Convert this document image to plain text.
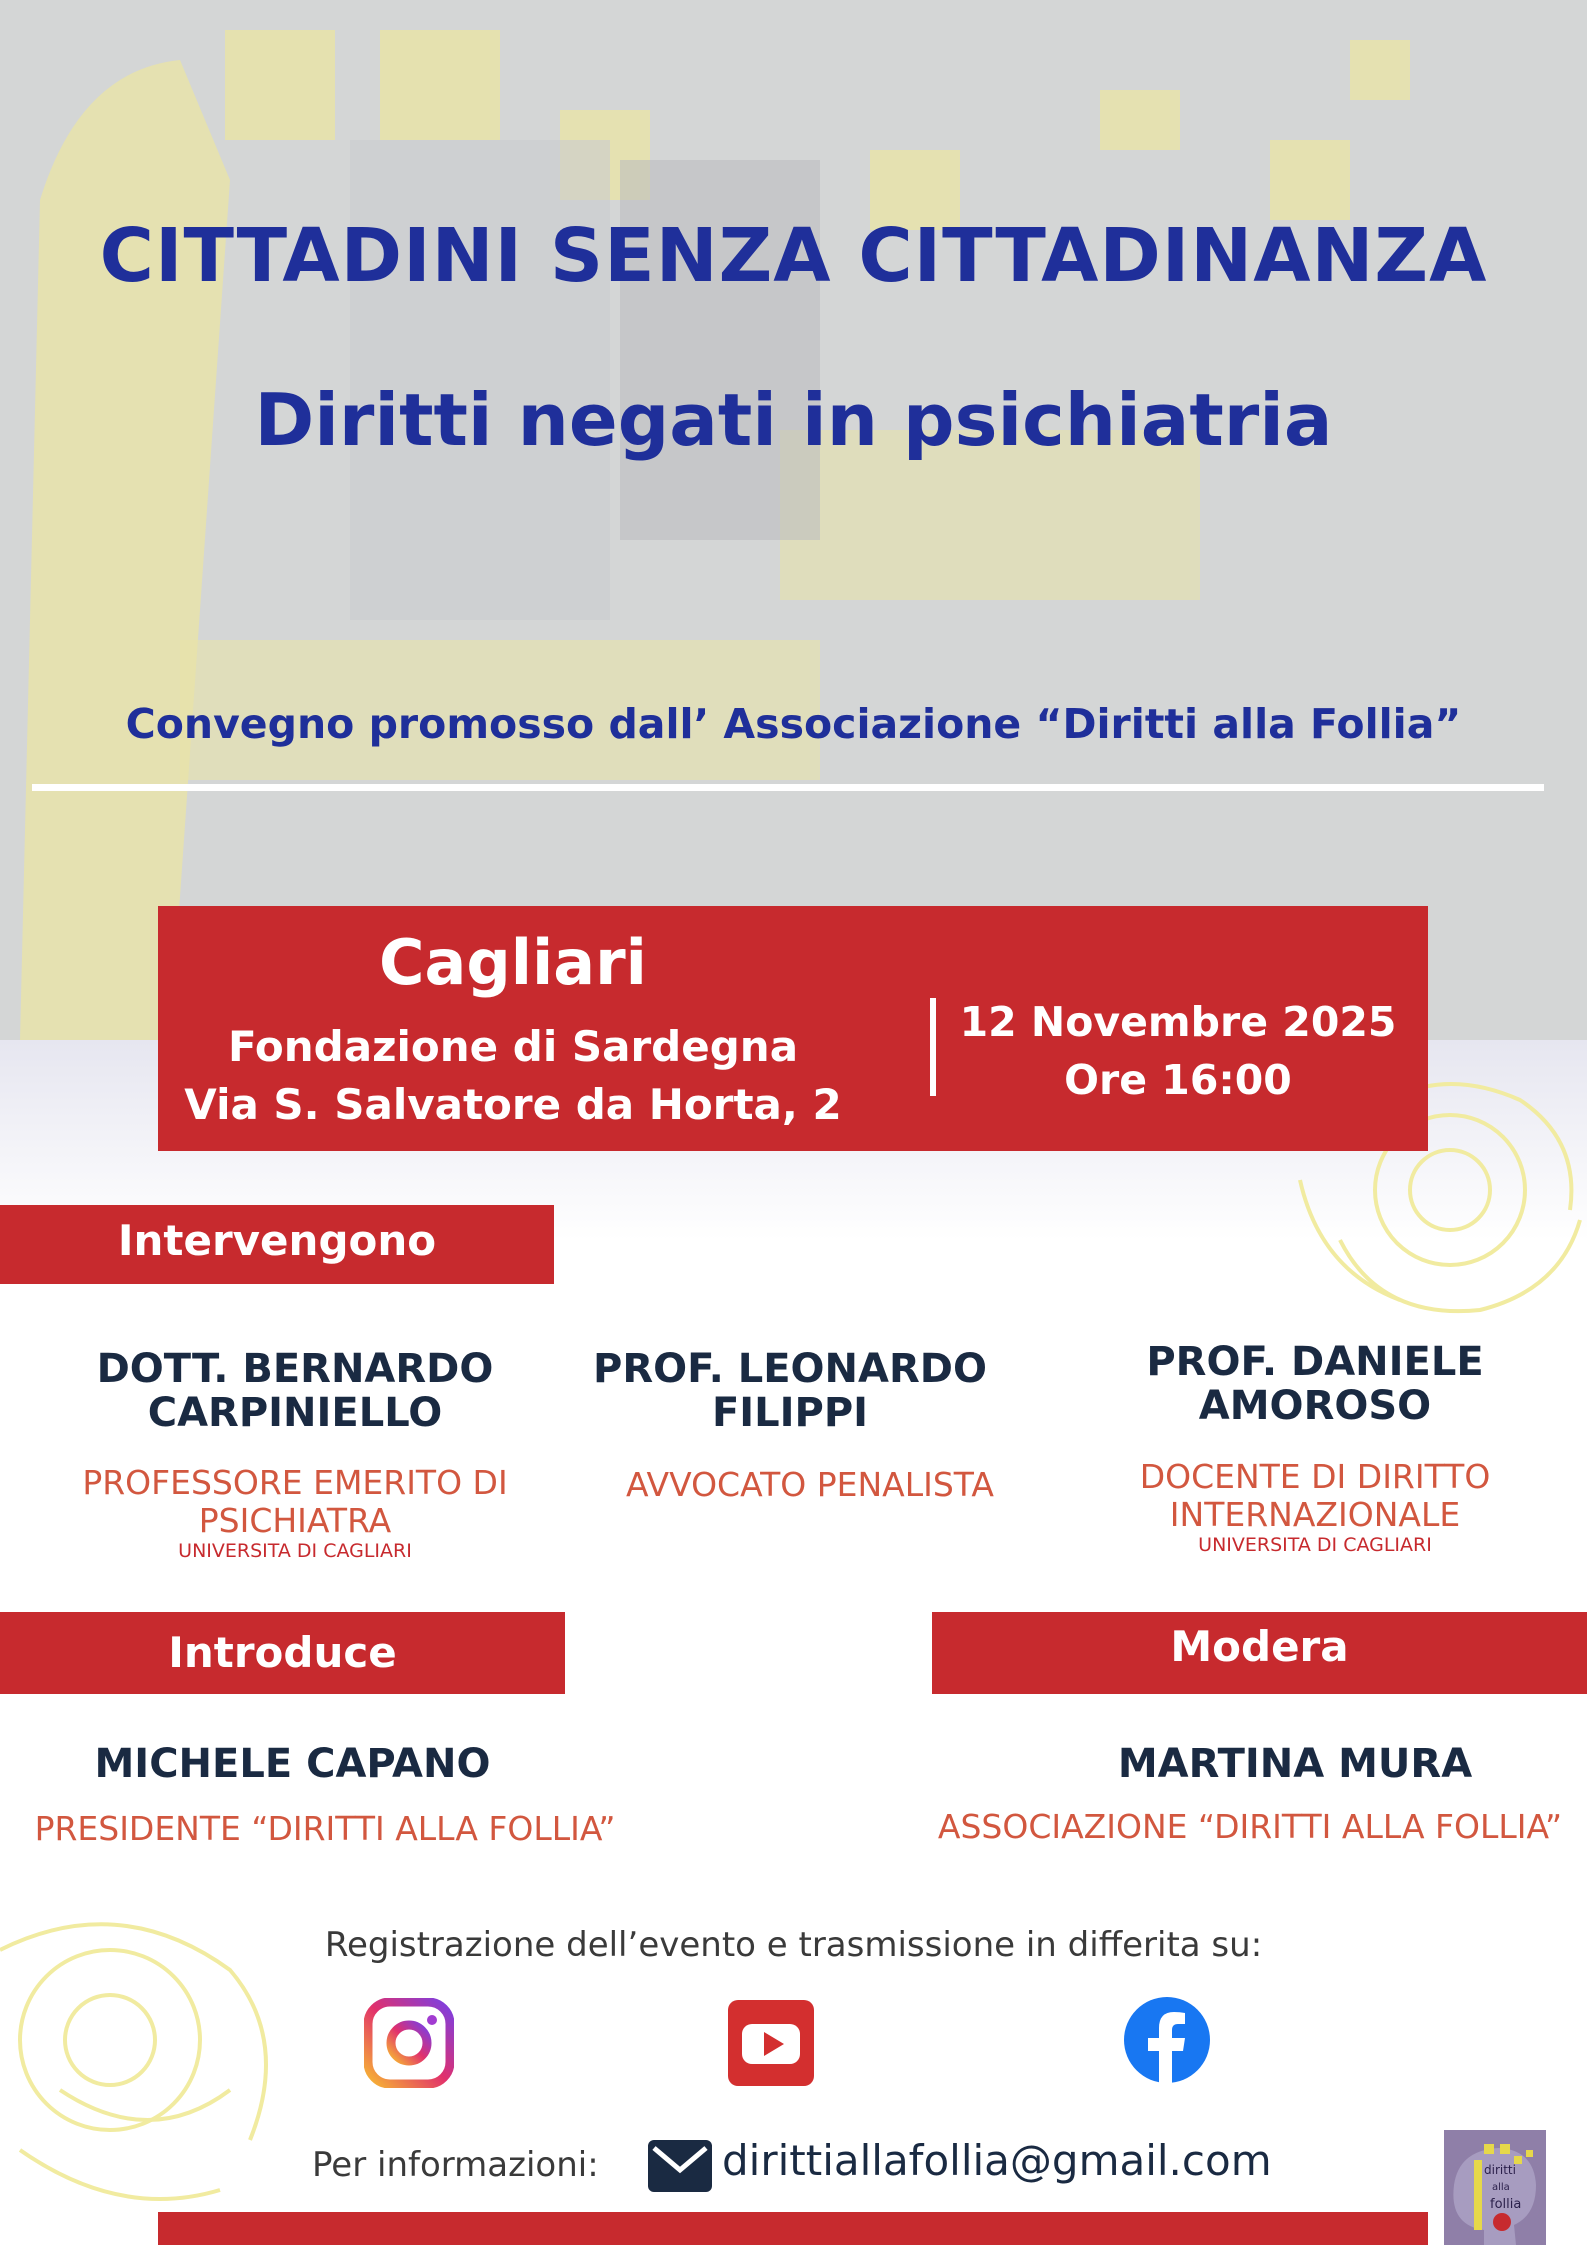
CITTADINI SENZA CITTADINANZA
Diritti negati in psichiatria
Convegno promosso dall’ Associazione “Diritti alla Follia”
Cagliari
Fondazione di Sardegna
Via S. Salvatore da Horta, 2
12 Novembre 2025
Ore 16:00
Intervengono
DOTT. BERNARDO
CARPINIELLO
PROFESSORE EMERITO DI
PSICHIATRA
UNIVERSITA DI CAGLIARI
PROF. LEONARDO
FILIPPI
AVVOCATO PENALISTA
PROF. DANIELE
AMOROSO
DOCENTE DI DIRITTO
INTERNAZIONALE
UNIVERSITA DI CAGLIARI
Introduce	Modera
MICHELE CAPANO
PRESIDENTE “DIRITTI ALLA FOLLIA”
MARTINA MURA
ASSOCIAZIONE “DIRITTI ALLA FOLLIA”
Registrazione dell’evento e trasmissione in differita su:
Per informazioni:	dirittiallafollia@gmail.com	diritti
alla
follia
